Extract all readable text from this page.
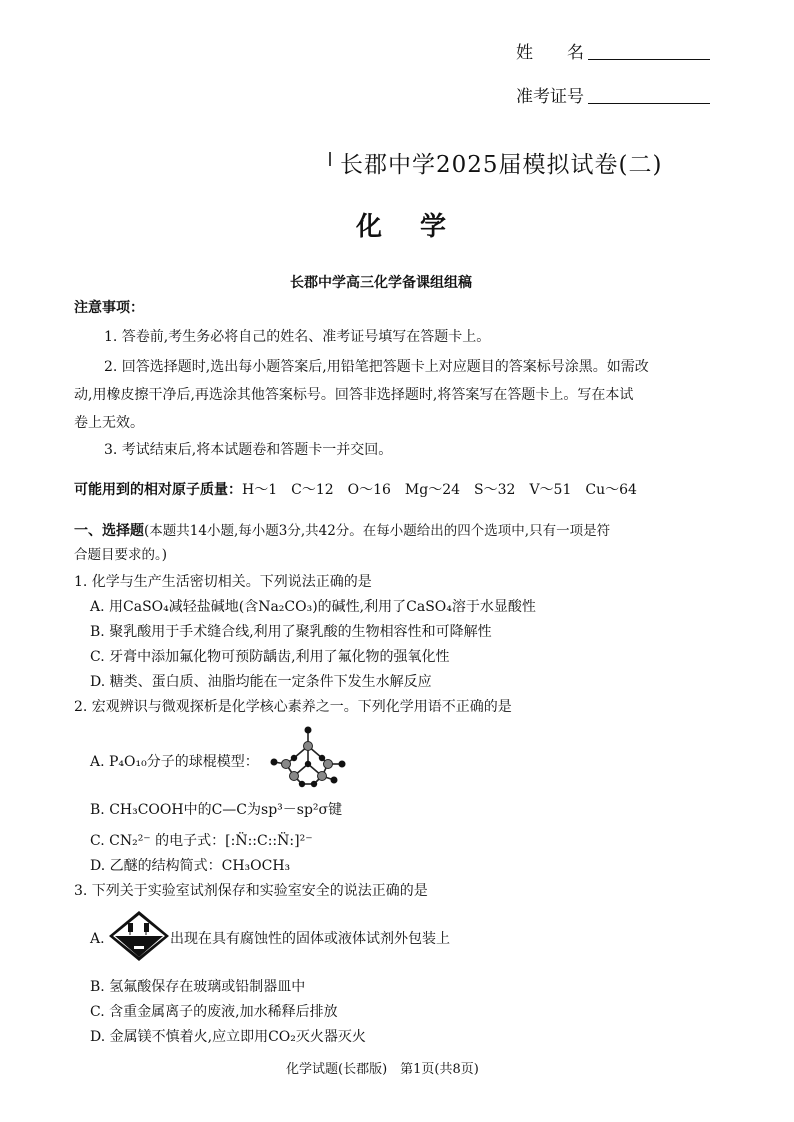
姓　　名
准考证号
长郡中学2025届模拟试卷(二)
化　学
长郡中学高三化学备课组组稿
注意事项：
1. 答卷前,考生务必将自己的姓名、准考证号填写在答题卡上。
2. 回答选择题时,选出每小题答案后,用铅笔把答题卡上对应题目的答案标号涂黑。如需改
动,用橡皮擦干净后,再选涂其他答案标号。回答非选择题时,将答案写在答题卡上。写在本试
卷上无效。
3. 考试结束后,将本试题卷和答题卡一并交回。
可能用到的相对原子质量：H～1　C～12　O～16　Mg～24　S～32　V～51　Cu～64
一、选择题(本题共14小题,每小题3分,共42分。在每小题给出的四个选项中,只有一项是符
合题目要求的。)
1. 化学与生产生活密切相关。下列说法正确的是
A. 用CaSO₄减轻盐碱地(含Na₂CO₃)的碱性,利用了CaSO₄溶于水显酸性
B. 聚乳酸用于手术缝合线,利用了聚乳酸的生物相容性和可降解性
C. 牙膏中添加氟化物可预防龋齿,利用了氟化物的强氧化性
D. 糖类、蛋白质、油脂均能在一定条件下发生水解反应
2. 宏观辨识与微观探析是化学核心素养之一。下列化学用语不正确的是
A. P₄O₁₀分子的球棍模型：
B. CH₃COOH中的C—C为sp³－sp²σ键
C. CN₂²⁻ 的电子式：[:N̈::C::N̈:]²⁻
D. 乙醚的结构简式：CH₃OCH₃
3. 下列关于实验室试剂保存和实验室安全的说法正确的是
A.	出现在具有腐蚀性的固体或液体试剂外包装上
B. 氢氟酸保存在玻璃或铅制器皿中
C. 含重金属离子的废液,加水稀释后排放
D. 金属镁不慎着火,应立即用CO₂灭火器灭火
化学试题(长郡版)　第1页(共8页)
